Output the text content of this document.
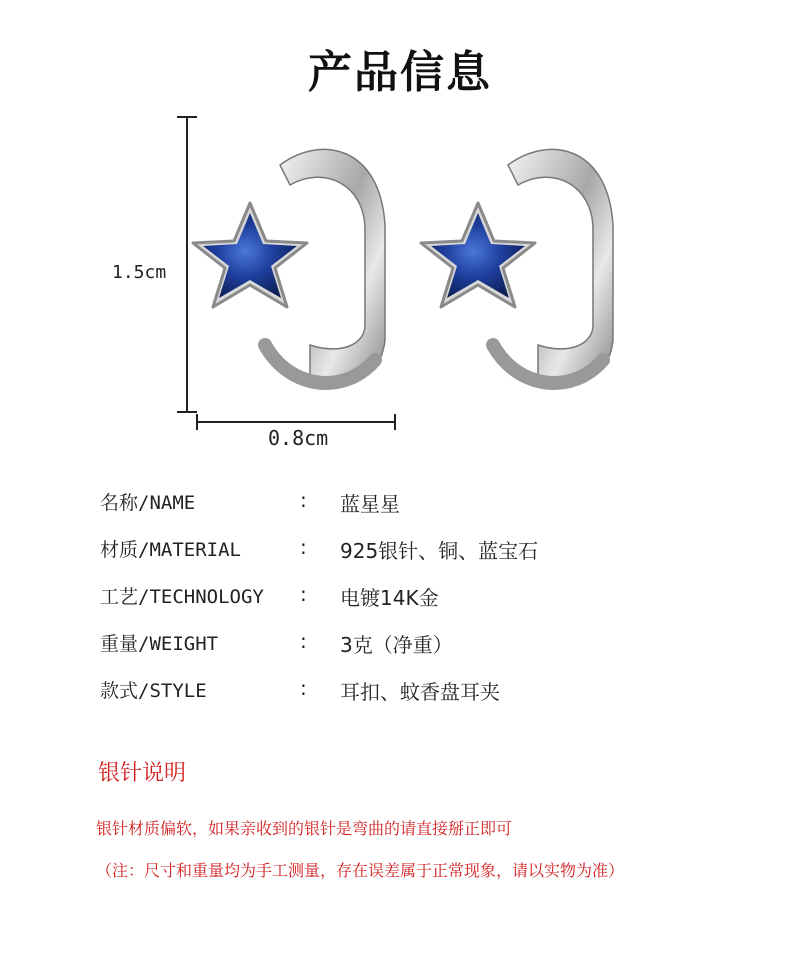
产品信息
1.5cm
0.8cm
名称/NAME	: 蓝星星
材质/MATERIAL	: 925银针、铜、蓝宝石
工艺/TECHNOLOGY : 电镀14K金
重量/WEIGHT	: 3克（净重）
款式/STYLE	: 耳扣、蚊香盘耳夹
银针说明
银针材质偏软，如果亲收到的银针是弯曲的请直接掰正即可
（注：尺寸和重量均为手工测量，存在误差属于正常现象，请以实物为准）
